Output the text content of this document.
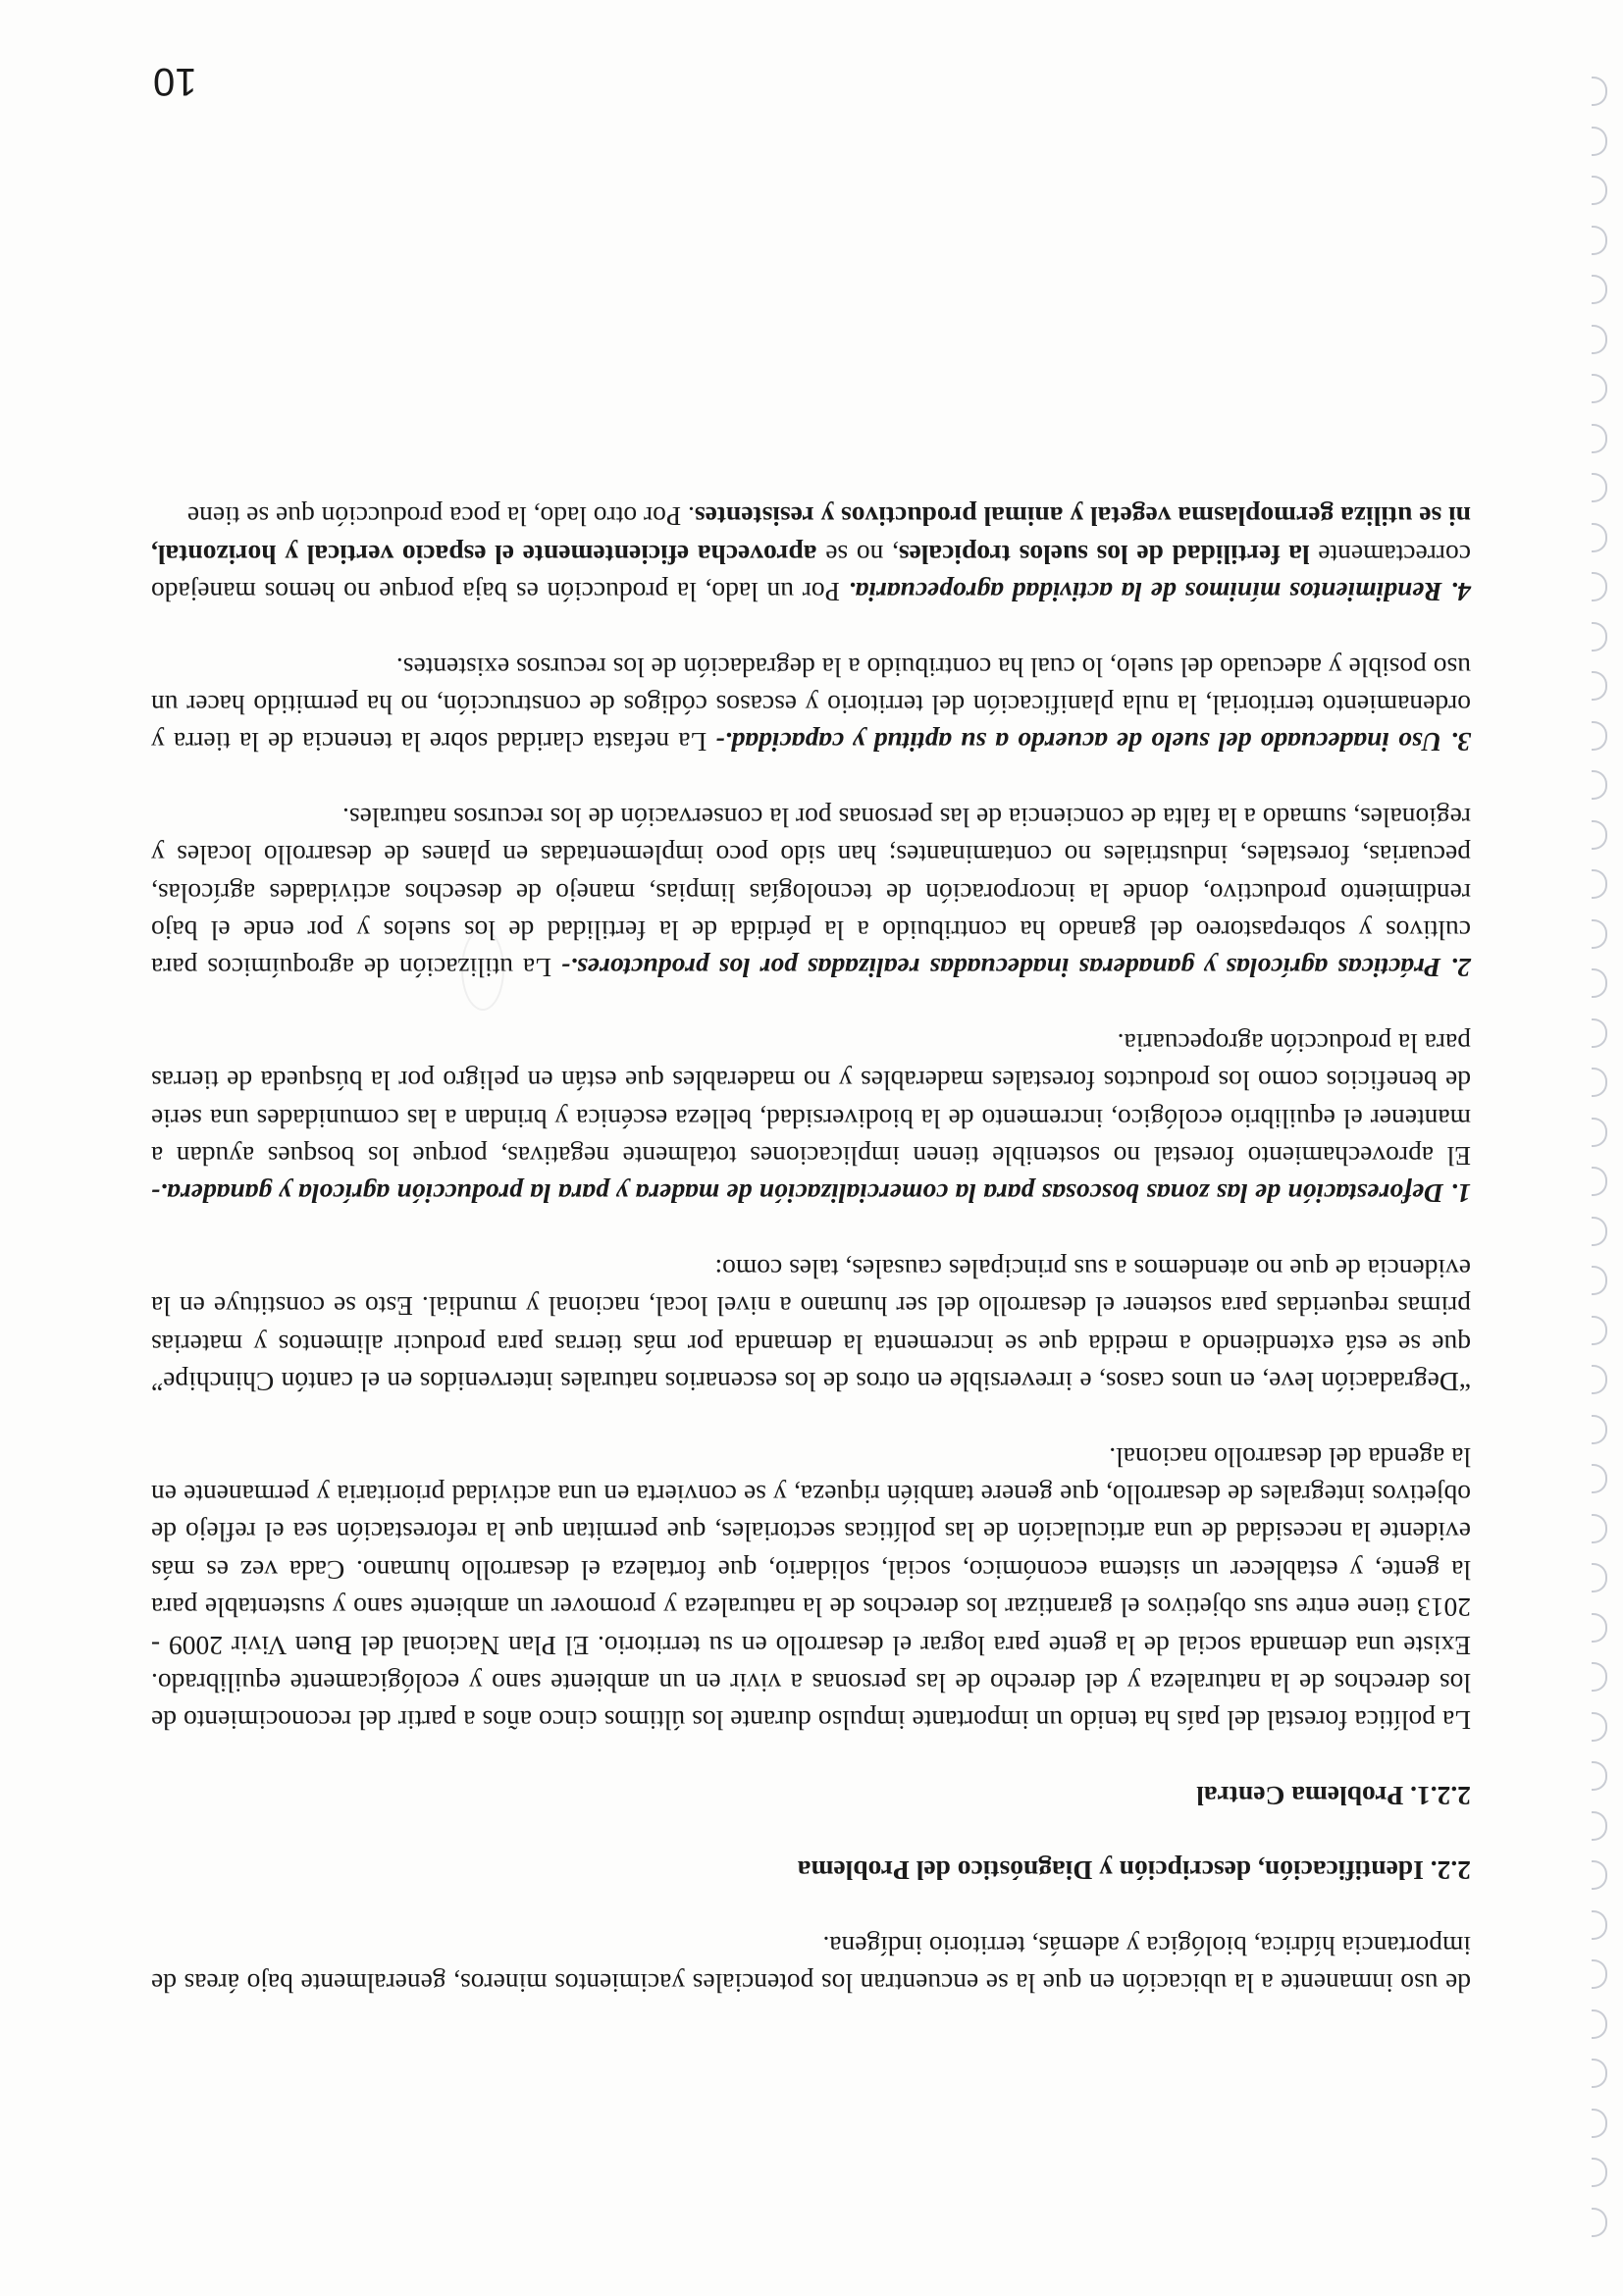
de uso inmanente a la ubicación en que la se encuentran los potenciales yacimientos mineros, generalmente bajo áreas de importancia hídrica, biológica y además, territorio indígena.

2.2. Identificación, descripción y Diagnóstico del Problema

2.2.1. Problema Central

La política forestal del país ha tenido un importante impulso durante los últimos cinco años a partir del reconocimiento de los derechos de la naturaleza y del derecho de las personas a vivir en un ambiente sano y ecológicamente equilibrado. Existe una demanda social de la gente para lograr el desarrollo en su territorio. El Plan Nacional del Buen Vivir 2009 - 2013 tiene entre sus objetivos el garantizar los derechos de la naturaleza y promover un ambiente sano y sustentable para la gente, y establecer un sistema económico, social, solidario, que fortaleza el desarrollo humano. Cada vez es más evidente la necesidad de una articulación de las políticas sectoriales, que permitan que la reforestación sea el reflejo de objetivos integrales de desarrollo, que genere también riqueza, y se convierta en una actividad prioritaria y permanente en la agenda del desarrollo nacional.

“Degradación leve, en unos casos, e irreversible en otros de los escenarios naturales intervenidos en el cantón Chinchipe” que se está extendiendo a medida que se incrementa la demanda por más tierras para producir alimentos y materias primas requeridas para sostener el desarrollo del ser humano a nivel local, nacional y mundial. Esto se constituye en la evidencia de que no atendemos a sus principales causales, tales como:

1. Deforestación de las zonas boscosas para la comercialización de madera y para la producción agrícola y ganadera.- El aprovechamiento forestal no sostenible tienen implicaciones totalmente negativas, porque los bosques ayudan a mantener el equilibrio ecológico, incremento de la biodiversidad, belleza escénica y brindan a las comunidades una serie de beneficios como los productos forestales maderables y no maderables que están en peligro por la búsqueda de tierras para la producción agropecuaria.

2. Prácticas agrícolas y ganaderas inadecuadas realizadas por los productores.- La utilización de agroquímicos para cultivos y sobrepastoreo del ganado ha contribuido a la pérdida de la fertilidad de los suelos y por ende el bajo rendimiento productivo, donde la incorporación de tecnologías limpias, manejo de desechos actividades agrícolas, pecuarias, forestales, industriales no contaminantes; han sido poco implementadas en planes de desarrollo locales y regionales, sumado a la falta de conciencia de las personas por la conservación de los recursos naturales.

3. Uso inadecuado del suelo de acuerdo a su aptitud y capacidad.- La nefasta claridad sobre la tenencia de la tierra y ordenamiento territorial, la nula planificación del territorio y escasos códigos de construcción, no ha permitido hacer un uso posible y adecuado del suelo, lo cual ha contribuido a la degradación de los recursos existentes.

4. Rendimientos mínimos de la actividad agropecuaria. Por un lado, la producción es baja porque no hemos manejado correctamente la fertilidad de los suelos tropicales, no se aprovecha eficientemente el espacio vertical y horizontal, ni se utiliza germoplasma vegetal y animal productivos y resistentes. Por otro lado, la poca producción que se tiene

10
